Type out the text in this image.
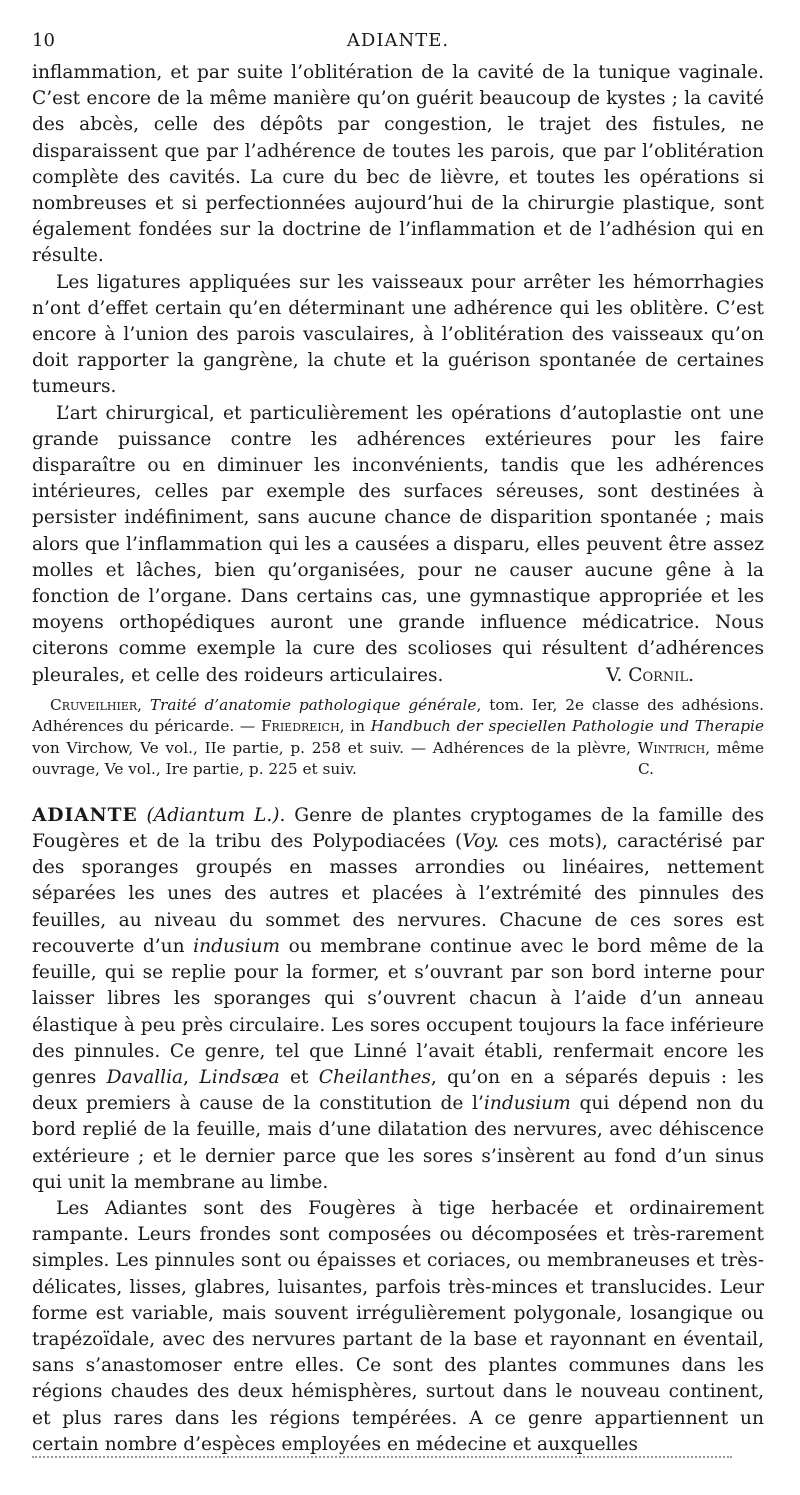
10	ADIANTE.

inflammation, et par suite l’oblitération de la cavité de la tunique vaginale. C’est encore de la même manière qu’on guérit beaucoup de kystes ; la cavité des abcès, celle des dépôts par congestion, le trajet des fistules, ne disparaissent que par l’adhérence de toutes les parois, que par l’oblitération complète des cavités. La cure du bec de lièvre, et toutes les opérations si nombreuses et si perfectionnées aujourd’hui de la chirurgie plastique, sont également fondées sur la doctrine de l’inflammation et de l’adhésion qui en résulte.

Les ligatures appliquées sur les vaisseaux pour arrêter les hémorrhagies n’ont d’effet certain qu’en déterminant une adhérence qui les oblitère. C’est encore à l’union des parois vasculaires, à l’oblitération des vaisseaux qu’on doit rapporter la gangrène, la chute et la guérison spontanée de certaines tumeurs.

L’art chirurgical, et particulièrement les opérations d’autoplastie ont une grande puissance contre les adhérences extérieures pour les faire disparaître ou en diminuer les inconvénients, tandis que les adhérences intérieures, celles par exemple des surfaces séreuses, sont destinées à persister indéfiniment, sans aucune chance de disparition spontanée ; mais alors que l’inflammation qui les a causées a disparu, elles peuvent être assez molles et lâches, bien qu’organisées, pour ne causer aucune gêne à la fonction de l’organe. Dans certains cas, une gymnastique appropriée et les moyens orthopédiques auront une grande influence médicatrice. Nous citerons comme exemple la cure des scolioses qui résultent d’adhérences pleurales, et celle des roideurs articulaires.	V. Cornil.

Cruveilhier, Traité d’anatomie pathologique générale, tom. Ier, 2e classe des adhésions. Adhérences du péricarde. — Friedreich, in Handbuch der speciellen Pathologie und Therapie von Virchow, Ve vol., IIe partie, p. 258 et suiv. — Adhérences de la plèvre, Wintrich, même ouvrage, Ve vol., Ire partie, p. 225 et suiv.	C.

ADIANTE (Adiantum L.). Genre de plantes cryptogames de la famille des Fougères et de la tribu des Polypodiacées (Voy. ces mots), caractérisé par des sporanges groupés en masses arrondies ou linéaires, nettement séparées les unes des autres et placées à l’extrémité des pinnules des feuilles, au niveau du sommet des nervures. Chacune de ces sores est recouverte d’un indusium ou membrane continue avec le bord même de la feuille, qui se replie pour la former, et s’ouvrant par son bord interne pour laisser libres les sporanges qui s’ouvrent chacun à l’aide d’un anneau élastique à peu près circulaire. Les sores occupent toujours la face inférieure des pinnules. Ce genre, tel que Linné l’avait établi, renfermait encore les genres Davallia, Lindsæa et Cheilanthes, qu’on en a séparés depuis : les deux premiers à cause de la constitution de l’indusium qui dépend non du bord replié de la feuille, mais d’une dilatation des nervures, avec déhiscence extérieure ; et le dernier parce que les sores s’insèrent au fond d’un sinus qui unit la membrane au limbe.

Les Adiantes sont des Fougères à tige herbacée et ordinairement rampante. Leurs frondes sont composées ou décomposées et très-rarement simples. Les pinnules sont ou épaisses et coriaces, ou membraneuses et très-délicates, lisses, glabres, luisantes, parfois très-minces et translucides. Leur forme est variable, mais souvent irrégulièrement polygonale, losangique ou trapézoïdale, avec des nervures partant de la base et rayonnant en éventail, sans s’anastomoser entre elles. Ce sont des plantes communes dans les régions chaudes des deux hémisphères, surtout dans le nouveau continent, et plus rares dans les régions tempérées. A ce genre appartiennent un certain nombre d’espèces employées en médecine et auxquelles
